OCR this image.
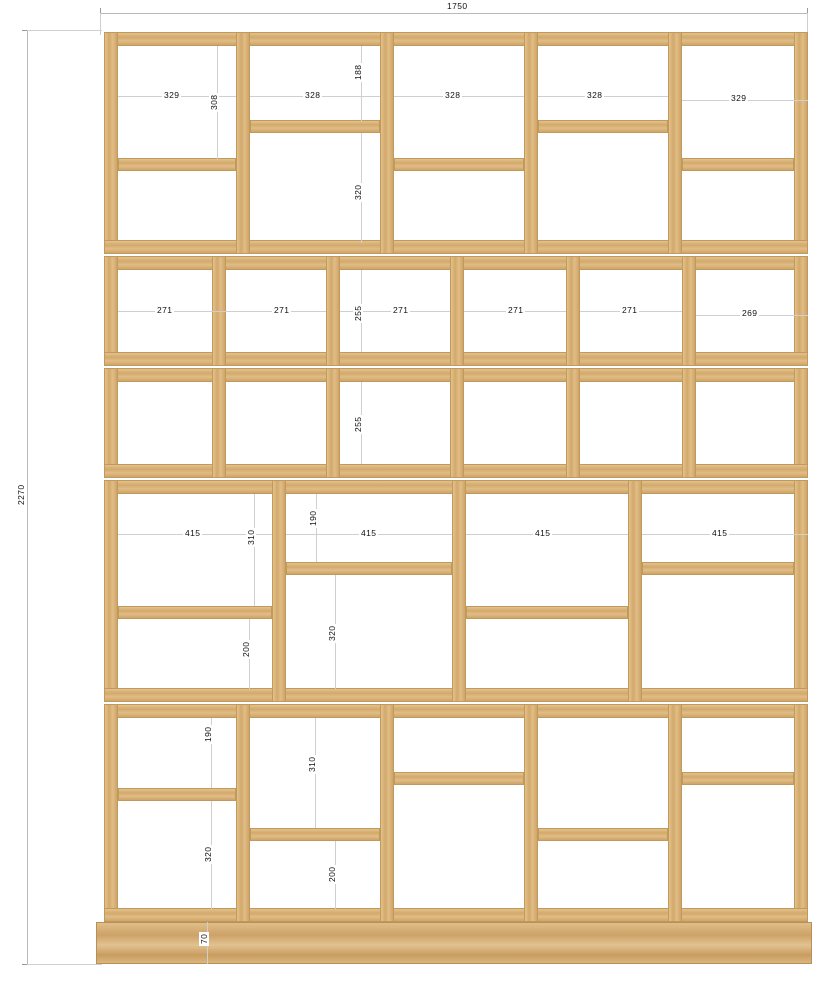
1750
2270
329	308	328
188
328	328	329
320
271	271	255	271	271	271	269
255
415	310
190
415	415	415
320
200
190
310
320
200
70
